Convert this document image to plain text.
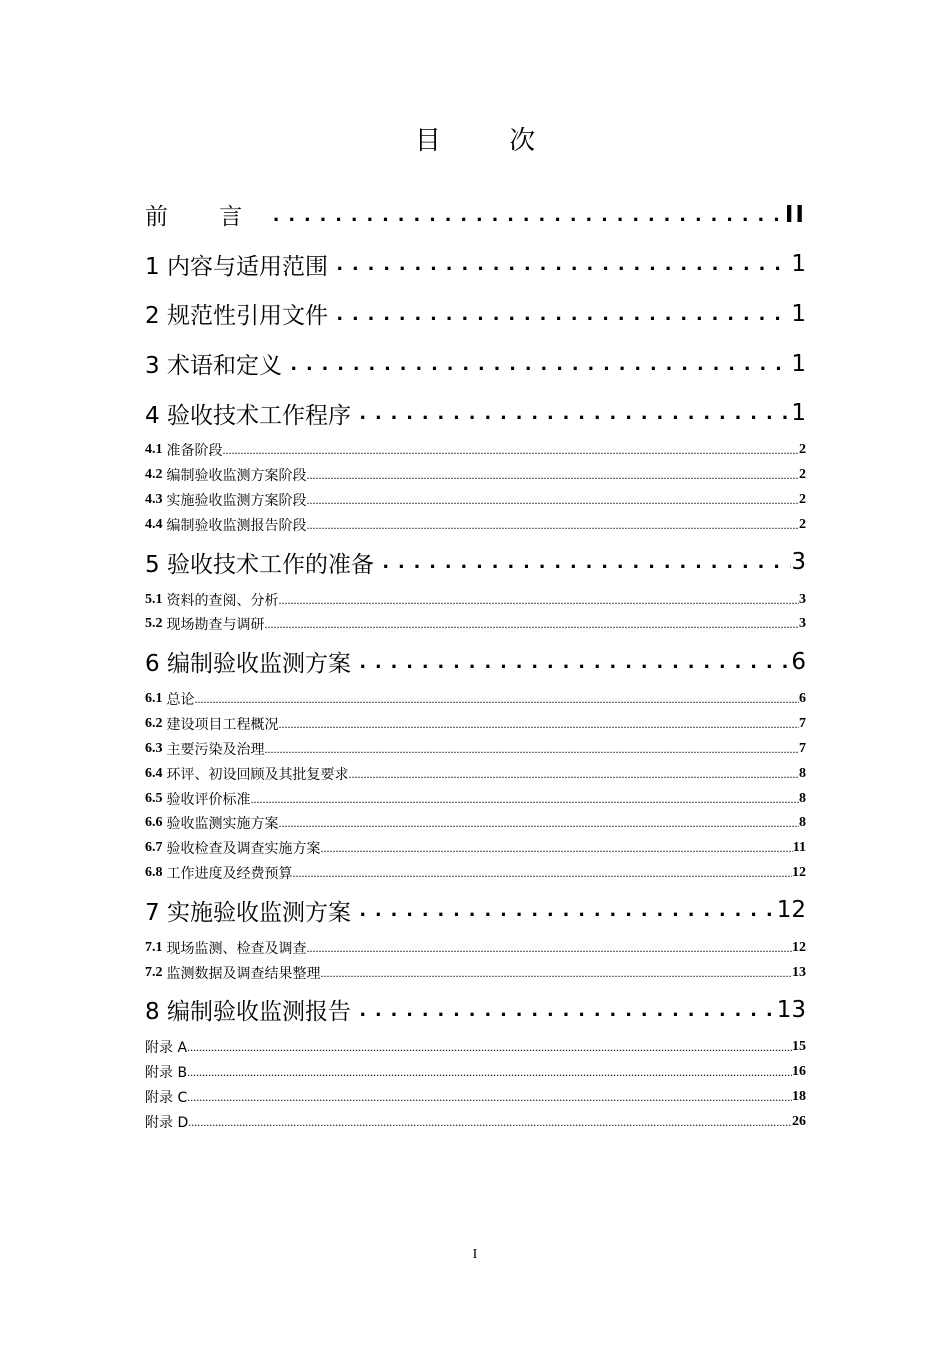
目 次
前 言 .....	II
1 内容与适用范围 .....	1
2 规范性引用文件 .....	1
3 术语和定义 .....	1
4 验收技术工作程序 .....	1
4.1 准备阶段 .....	2
4.2 编制验收监测方案阶段 .....	2
4.3 实施验收监测方案阶段 .....	2
4.4 编制验收监测报告阶段 .....	2
5 验收技术工作的准备 .....	3
5.1 资料的查阅、分析 .....	3
5.2 现场勘查与调研 .....	3
6 编制验收监测方案 .....	6
6.1 总论 .....	6
6.2 建设项目工程概况 .....	7
6.3 主要污染及治理 .....	7
6.4 环评、初设回顾及其批复要求 .....	8
6.5 验收评价标准 .....	8
6.6 验收监测实施方案 .....	8
6.7 验收检查及调查实施方案 .....	11
6.8 工作进度及经费预算 .....	12
7 实施验收监测方案 .....	12
7.1 现场监测、检查及调查 .....	12
7.2 监测数据及调查结果整理 .....	13
8 编制验收监测报告 .....	13
附录 A .....	15
附录 B .....	16
附录 C .....	18
附录 D .....	26
I
